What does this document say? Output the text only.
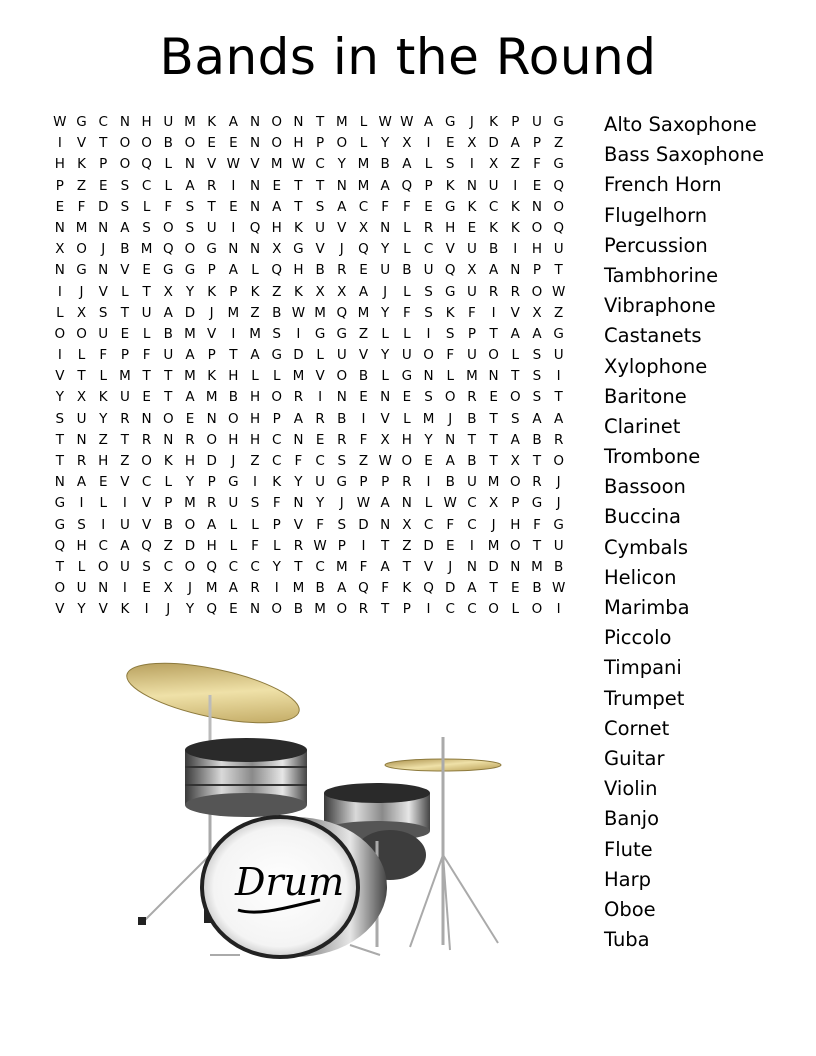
Bands in the Round
W G C N H U M K A N O N T M L W W A G	J	K P U G
I	V T O O B O E E N O H P O L	Y X	I	E X D A P Z
H K P O Q L N V W V M W C Y M B A L	S	I	X Z F G
P Z E S C L A R	I	N E T T N M A Q P K N U	I	E Q
E	F D S	L	F	S T E N A T S A C F	F	E G K C K N O
N M N A S O S U	I	Q H K U V X N L R H E K K O Q
X O	J	B M Q O G N N X G V	J	Q Y	L C V U B	I	H U
N G N V E G G P A L Q H B R E U B U Q X A N P T
I	J	V L	T X Y K P K Z K X X A	J	L	S G U R R O W
L X S T U A D	J	M Z B W M Q M Y	F	S K F	I	V X Z
O O U E	L B M V	I	M S	I	G G Z L	L	I	S P T A A G
I	L	F	P	F U A P T A G D L U V Y U O F U O L	S U
V T	L M T T M K H L	L M V O B L G N L M N T S	I
Y X K U E T A M B H O R	I	N E N E S O R E O S T
S U Y R N O E N O H P A R B	I	V L M	J	B T S A A
T N Z T R N R O H H C N E R F X H Y N T T A B R
T R H Z O K H D	J	Z C F C S Z W O E A B T X T O
N A E V C L	Y P G	I	K Y U G P	P R	I	B U M O R	J
G	I	L	I	V P M R U S	F N Y	J W A N L W C X P G	J
G S	I	U V B O A L	L	P V F	S D N X C F C	J	H F G
Q H C A Q Z D H L	F	L R W P	I	T Z D E	I	M O T U
T	L O U S C O Q C C Y T C M F A T V	J	N D N M B
O U N	I	E X	J	M A R	I	M B A Q F K Q D A T E B W
V Y V K	I	J	Y Q E N O B M O R T P	I	C C O L O	I
Alto Saxophone
Bass Saxophone
French Horn
Flugelhorn
Percussion
Tambhorine
Vibraphone
Castanets
Xylophone
Baritone
Clarinet
Trombone
Bassoon
Buccina
Cymbals
Helicon
Marimba
Piccolo
Timpani
Trumpet
Cornet
Guitar
Violin
Banjo
Flute
Harp
Oboe
Tuba
Drum
